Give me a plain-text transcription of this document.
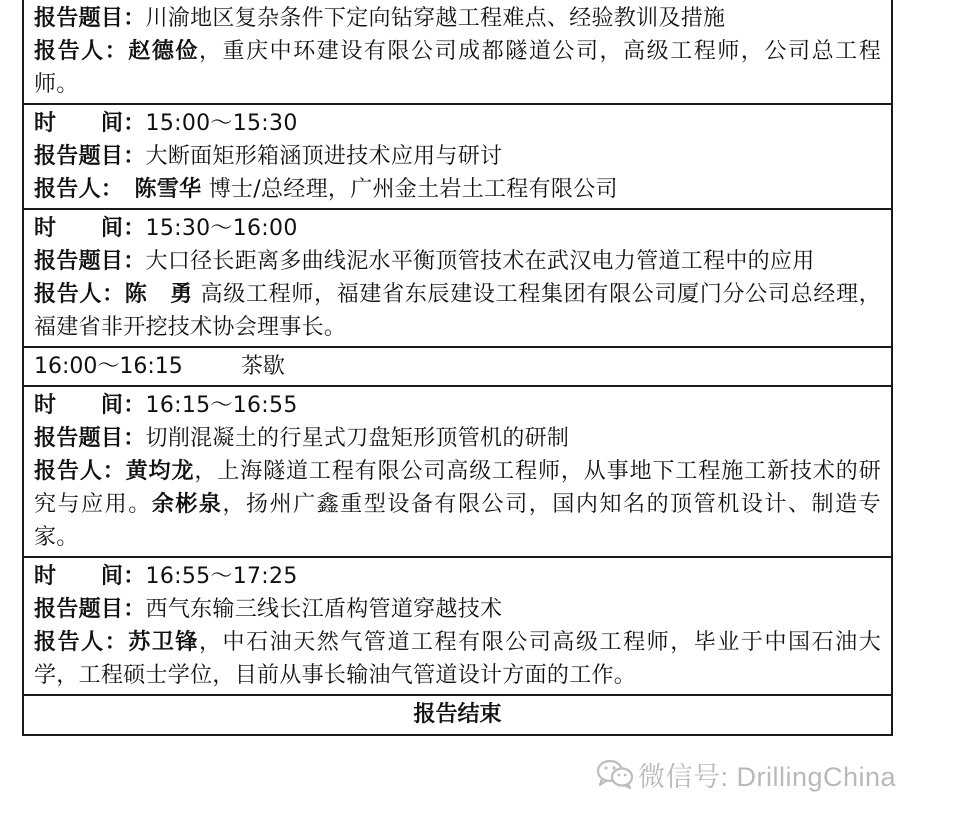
报告题目：川渝地区复杂条件下定向钻穿越工程难点、经验教训及措施
报告人：赵德俭，重庆中环建设有限公司成都隧道公司，高级工程师，公司总工程师。
时　　间：15:00～15:30
报告题目：大断面矩形箱涵顶进技术应用与研讨
报告人：　陈雪华 博士/总经理，广州金土岩土工程有限公司
时　　间：15:30～16:00
报告题目：大口径长距离多曲线泥水平衡顶管技术在武汉电力管道工程中的应用
报告人：陈　勇 高级工程师，福建省东辰建设工程集团有限公司厦门分公司总经理，福建省非开挖技术协会理事长。
16:00～16:15	茶歇
时　　间：16:15～16:55
报告题目：切削混凝土的行星式刀盘矩形顶管机的研制
报告人：黄均龙，上海隧道工程有限公司高级工程师，从事地下工程施工新技术的研究与应用。余彬泉，扬州广鑫重型设备有限公司，国内知名的顶管机设计、制造专家。
时　　间：16:55～17:25
报告题目：西气东输三线长江盾构管道穿越技术
报告人：苏卫锋，中石油天然气管道工程有限公司高级工程师，毕业于中国石油大学，工程硕士学位，目前从事长输油气管道设计方面的工作。
报告结束
微信号: DrillingChina
